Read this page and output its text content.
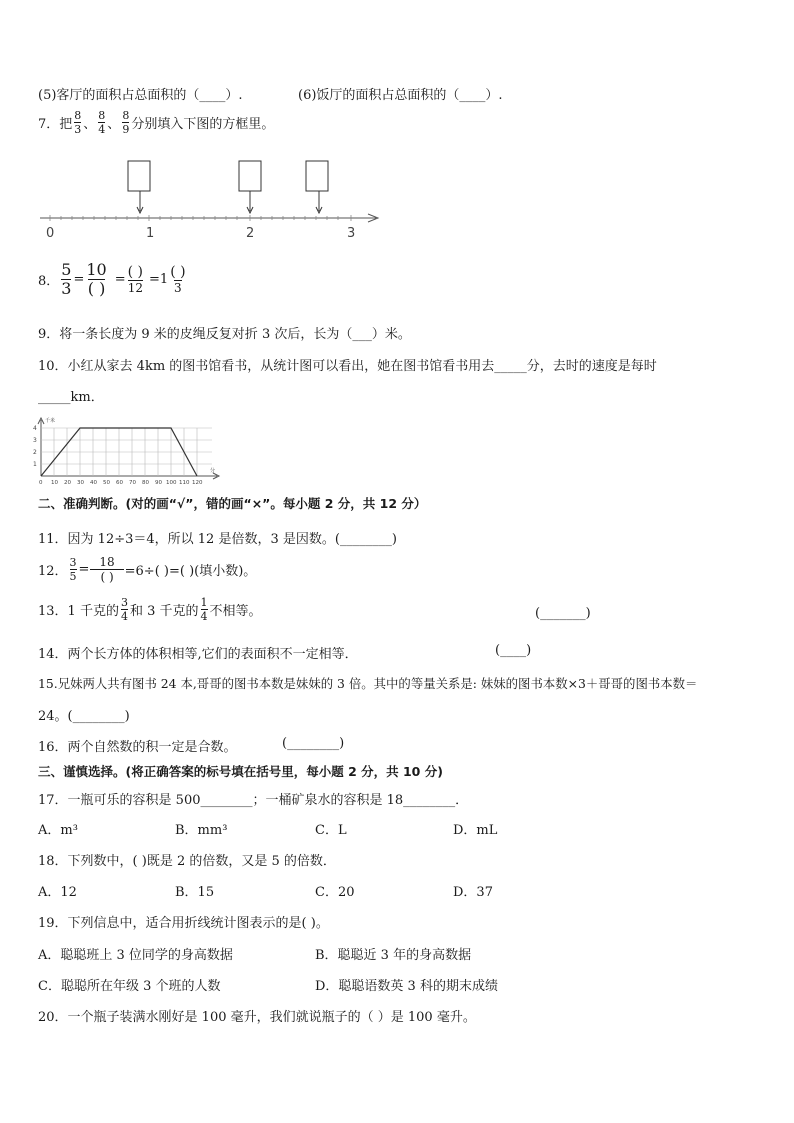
(5)客厅的面积占总面积的（____）.	(6)饭厅的面积占总面积的（____）.
7．把 $\frac{8}{3}$ 、 $\frac{8}{4}$ 、 $\frac{8}{9}$ 分别填入下图的方框里。
0	1	2	3
8． $\frac{5}{3} = \frac{10}{( )} = \frac{( )}{12} =1 \frac{( )}{3}$
9．将一条长度为 9 米的皮绳反复对折 3 次后，长为（___）米。
10．小红从家去 4km 的图书馆看书，从统计图可以看出，她在图书馆看书用去_____分，去时的速度是每时
_____km．
1
2
3
4
千米
0 10 20 30 40 50 60 70 80 90 100 110 120
分
二、准确判断。(对的画“√”，错的画“×”。每小题 2 分，共 12 分）
11．因为 12÷3＝4，所以 12 是倍数，3 是因数。(________)
12． $\frac{3}{5} = \frac{18}{( )} =6\div$( )=( )(填小数)。
13．1 千克的 $\frac{3}{4}$ 和 3 千克的 $\frac{1}{4}$ 不相等。	(_______)
14．两个长方体的体积相等,它们的表面积不一定相等．	(____)
15.兄妹两人共有图书 24 本,哥哥的图书本数是妹妹的 3 倍。其中的等量关系是: 妹妹的图书本数×3＋哥哥的图书本数＝
24。(________)
16．两个自然数的积一定是合数。	(________)
三、谨慎选择。(将正确答案的标号填在括号里，每小题 2 分，共 10 分)
17．一瓶可乐的容积是 500________；一桶矿泉水的容积是 18________．
A．m³	B．mm³	C．L	D．mL
18．下列数中，( )既是 2 的倍数，又是 5 的倍数．
A．12	B．15	C．20	D．37
19．下列信息中，适合用折线统计图表示的是( )。
A．聪聪班上 3 位同学的身高数据	B．聪聪近 3 年的身高数据
C．聪聪所在年级 3 个班的人数	D．聪聪语数英 3 科的期末成绩
20．一个瓶子装满水刚好是 100 毫升，我们就说瓶子的（ ）是 100 毫升。
